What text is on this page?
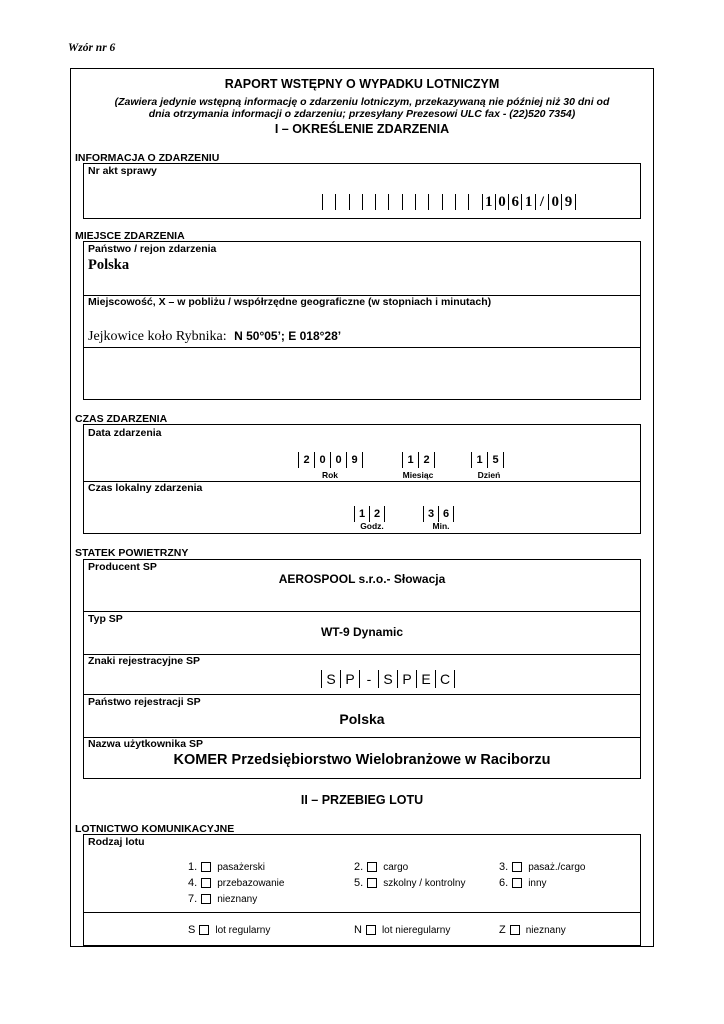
Wzór nr 6
RAPORT WSTĘPNY O WYPADKU LOTNICZYM
(Zawiera jedynie wstępną informację o zdarzeniu lotniczym, przekazywaną nie później niż 30 dni od
dnia otrzymania informacji o zdarzeniu; przesyłany Prezesowi ULC fax - (22)520 7354)
I – OKREŚLENIE ZDARZENIA
INFORMACJA O ZDARZENIU
Nr akt sprawy
1 0 6 1 / 0 9
MIEJSCE ZDARZENIA
Państwo / rejon zdarzenia
Polska
Miejscowość, X – w pobliżu / współrzędne geograficzne (w stopniach i minutach)
Jejkowice koło Rybnika: N 50°05’; E 018°28’
CZAS ZDARZENIA
Data zdarzenia
2 0 0 9
Rok
1 2
Miesiąc
1 5
Dzień
Czas lokalny zdarzenia
1 2
Godz.
3 6
Min.
STATEK POWIETRZNY
Producent SP
AEROSPOOL s.r.o.- Słowacja
Typ SP
WT-9 Dynamic
Znaki rejestracyjne SP
S P - S P E C
Państwo rejestracji SP
Polska
Nazwa użytkownika SP
KOMER Przedsiębiorstwo Wielobranżowe w Raciborzu
II – PRZEBIEG LOTU
LOTNICTWO KOMUNIKACYJNE
Rodzaj lotu
1. pasażerski	2. cargo	3. pasaż./cargo
4. przebazowanie	5. szkolny / kontrolny	6. inny
7. nieznany
S lot regularny	N lot nieregularny	Z nieznany
